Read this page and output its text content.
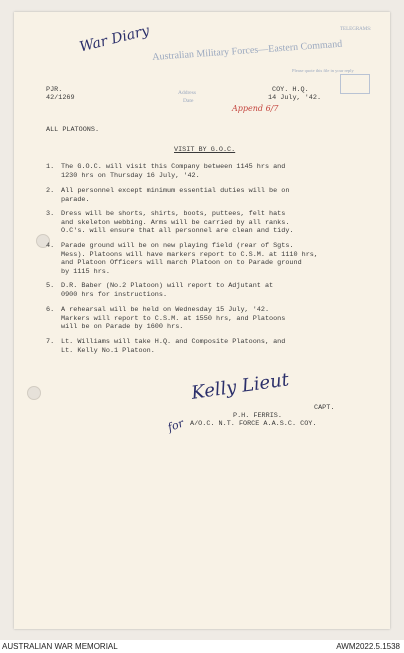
TELEGRAMS:
Australian Military Forces—Eastern Command
Please quote this file in your reply
Address
Date
War Diary
Append 6/7
PJR.
42/1269
COY. H.Q.
14 July, '42.
ALL PLATOONS.
VISIT BY G.O.C.
1. The G.O.C. will visit this Company between 1145 hrs and
1230 hrs on Thursday 16 July, '42.
2. All personnel except minimum essential duties will be on
parade.
3. Dress will be shorts, shirts, boots, puttees, felt hats
and skeleton webbing. Arms will be carried by all ranks.
O.C's. will ensure that all personnel are clean and tidy.
4. Parade ground will be on new playing field (rear of Sgts.
Mess). Platoons will have markers report to C.S.M. at 1110 hrs,
and Platoon Officers will march Platoon on to Parade ground
by 1115 hrs.
5. D.R. Baber (No.2 Platoon) will report to Adjutant at
0900 hrs for instructions.
6. A rehearsal will be held on Wednesday 15 July, '42.
Markers will report to C.S.M. at 1550 hrs, and Platoons
will be on Parade by 1600 hrs.
7. Lt. Williams will take H.Q. and Composite Platoons, and
Lt. Kelly No.1 Platoon.
Kelly Lieut
for
CAPT.
P.H. FERRIS.
A/O.C. N.T. FORCE A.A.S.C. COY.
AUSTRALIAN WAR MEMORIAL	AWM2022.5.1538
